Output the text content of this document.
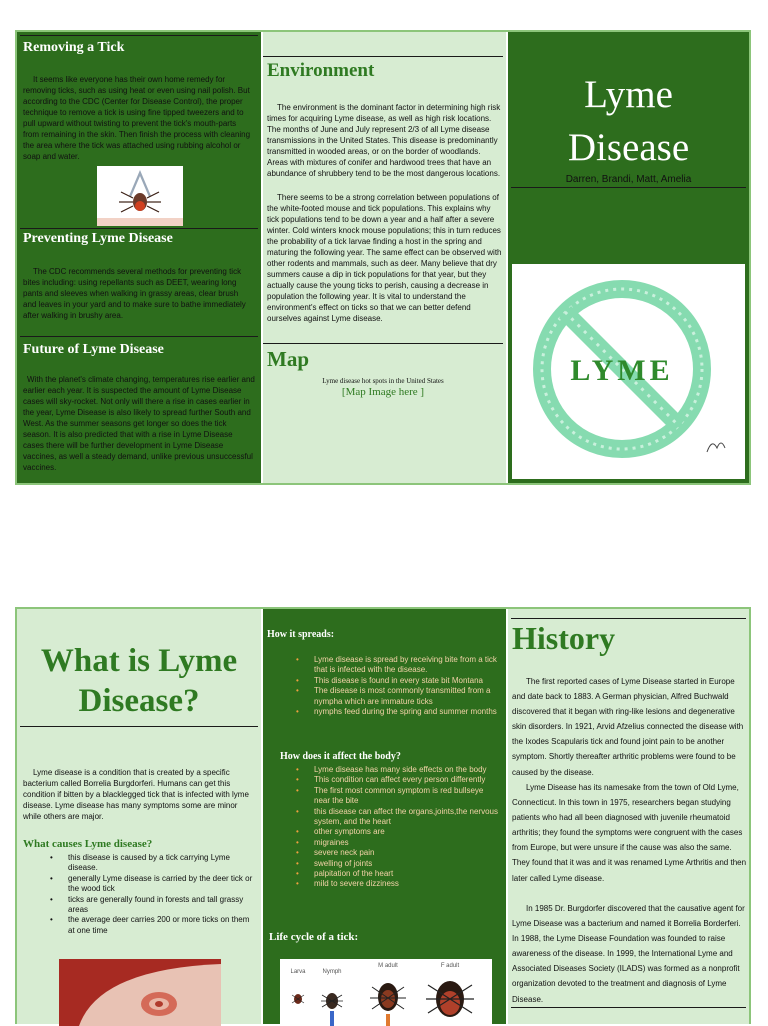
Removing a Tick

It seems like everyone has their own home remedy for removing ticks, such as using heat or even using nail polish. But according to the CDC (Center for Disease Control), the proper technique to remove a tick is using fine tipped tweezers and to pull upward without twisting to prevent the tick's mouth-parts from remaining in the skin. Then finish the process with cleaning the area where the tick was attached using rubbing alcohol or soap and water.

Preventing Lyme Disease

The CDC recommends several methods for preventing tick bites including: using repellants such as DEET, wearing long pants and sleeves when walking in grassy areas, clear brush and leaves in your yard and to make sure to bathe immediately after walking in brushy area.

Future of Lyme Disease

With the planet's climate changing, temperatures rise earlier and earlier each year. It is suspected the amount of Lyme Disease cases will sky-rocket. Not only will there a rise in cases earlier in the year, Lyme Disease is also likely to spread further South and West. As the summer seasons get longer so does the tick season. It is also predicted that with a rise in Lyme Disease cases there will be further development in Lyme Disease vaccines, as well a steady demand, unlike previous unsuccessful vaccines.

Environment

The environment is the dominant factor in determining high risk times for acquiring Lyme disease, as well as high risk locations. The months of June and July represent 2/3 of all Lyme disease transmissions in the United States. This disease is predominantly transmitted in wooded areas, or on the border of woodlands. Areas with mixtures of conifer and hardwood trees that have an abundance of shrubbery tend to be the most dangerous locations.

There seems to be a strong correlation between populations of the white-footed mouse and tick populations. This explains why tick populations tend to be down a year and a half after a severe winter. Cold winters knock mouse populations; this in turn reduces the probability of a tick larvae finding a host in the spring and maturing the following year. The same effect can be observed with other rodents and mammals, such as deer. Many believe that dry summers cause a dip in tick populations for that year, but they actually cause the young ticks to perish, causing a decrease in population the following year. It is vital to understand the environment's effect on ticks so that we can better defend ourselves against Lyme disease.

Map

Lyme disease hot spots in the United States

[Map Image here ]

Lyme
Disease

Darren, Brandi, Matt, Amelia

LYME
What is Lyme
Disease?

Lyme disease is a condition that is created by a specific bacterium called Borrelia Burgdorferi. Humans can get this condition if bitten by a blacklegged tick that is infected with lyme disease. Lyme disease has many symptoms some are minor while others are major.

What causes Lyme disease?
• this disease is caused by a tick carrying Lyme disease.
• generally Lyme disease is carried by the deer tick or the wood tick
• ticks are generally found in forests and tall grassy areas
• the average deer carries 200 or more ticks on them at one time
How it spreads:
• Lyme disease is spread by receiving bite from a tick that is infected with the disease.
• This disease is found in every state bit Montana
• The disease is most commonly transmitted from a nympha which are immature ticks
• nymphs feed during the spring and summer months
How does it affect the body?
• Lyme disease has many side effects on the body
• This condition can affect every person differently
• The first most common symptom is red bullseye near the bite
• this disease can affect the organs,joints,the nervous system, and the heart
• other symptoms are
• migraines
• severe neck pain
• swelling of joints
• palpitation of the heart
• mild to severe dizziness
Life cycle of a tick:
Larva	Nymph
M adult	F adult
History

The first reported cases of Lyme Disease started in Europe and date back to 1883. A German physician, Alfred Buchwald discovered that it began with ring-like lesions and degenerative skin disorders. In 1921, Arvid Afzelius connected the disease with the Ixodes Scapularis tick and found joint pain to be another symptom. Shortly thereafter arthritic problems were found to be caused by the disease.

Lyme Disease has its namesake from the town of Old Lyme, Connecticut. In this town in 1975, researchers began studying patients who had all been diagnosed with juvenile rheumatoid arthritis; they found the symptoms were congruent with the cases from Europe, but were unsure if the cause was also the same. They found that it was and it was renamed Lyme Arthritis and then later called Lyme disease.

In 1985 Dr. Burgdorfer discovered that the causative agent for Lyme Disease was a bacterium and named it Borrelia Borderferi. In 1988, the Lyme Disease Foundation was founded to raise awareness of the disease. In 1999, the International Lyme and Associated Diseases Society (ILADS) was formed as a nonprofit organization devoted to the treatment and diagnosis of Lyme Disease.
